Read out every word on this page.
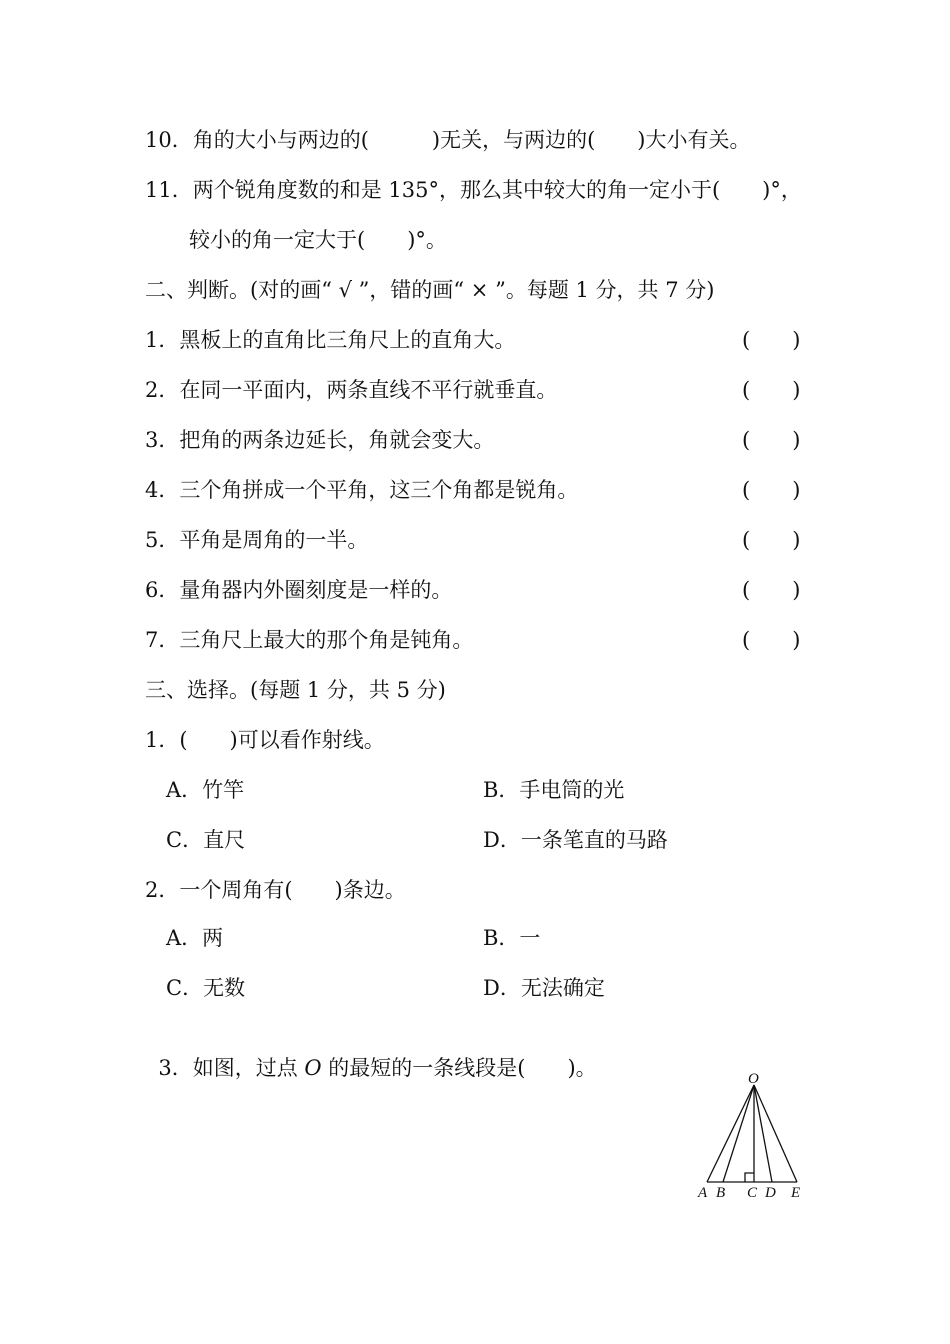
10．角的大小与两边的(　　　)无关，与两边的(　　)大小有关。
11．两个锐角度数的和是 135°，那么其中较大的角一定小于(　　)°，
较小的角一定大于(　　)°。
二、判断。(对的画“ √ ”，错的画“ × ”。每题 1 分，共 7 分)
1．黑板上的直角比三角尺上的直角大。	(　　)
2．在同一平面内，两条直线不平行就垂直。	(　　)
3．把角的两条边延长，角就会变大。	(　　)
4．三个角拼成一个平角，这三个角都是锐角。	(　　)
5．平角是周角的一半。	(　　)
6．量角器内外圈刻度是一样的。	(　　)
7．三角尺上最大的那个角是钝角。	(　　)
三、选择。(每题 1 分，共 5 分)
1．(　　)可以看作射线。
A．竹竿	B．手电筒的光
C．直尺	D．一条笔直的马路
2．一个周角有(　　)条边。
A．两	B．一
C．无数	D．无法确定

3．如图，过点 O 的最短的一条线段是(　　)。	O
A B C D E
